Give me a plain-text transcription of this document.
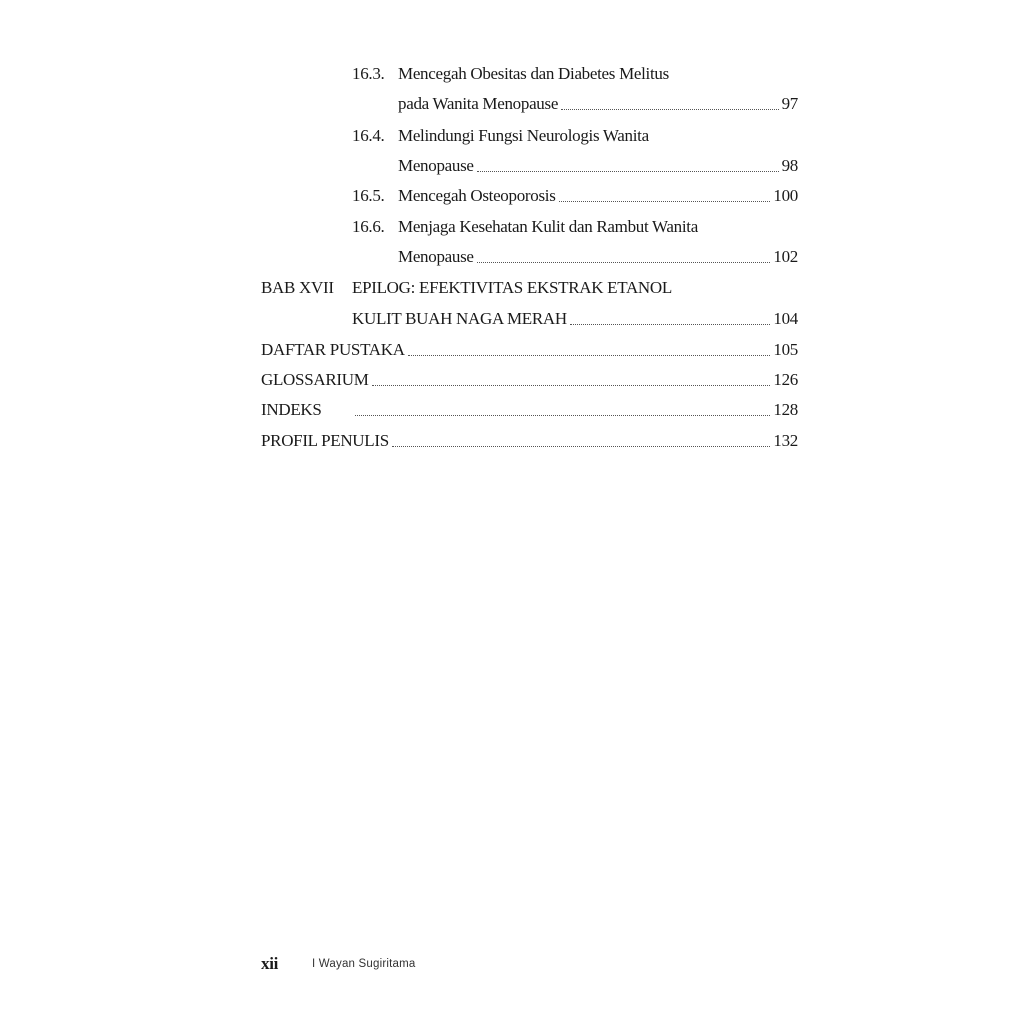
16.3. Mencegah Obesitas dan Diabetes Melitus
pada Wanita Menopause	97
16.4. Melindungi Fungsi Neurologis Wanita
Menopause	98
16.5. Mencegah Osteoporosis	100
16.6. Menjaga Kesehatan Kulit dan Rambut Wanita
Menopause	102
BAB XVII EPILOG: EFEKTIVITAS EKSTRAK ETANOL
KULIT BUAH NAGA MERAH	104
DAFTAR PUSTAKA	105
GLOSSARIUM	126
INDEKS	128
PROFIL PENULIS	132
xii	I Wayan Sugiritama
